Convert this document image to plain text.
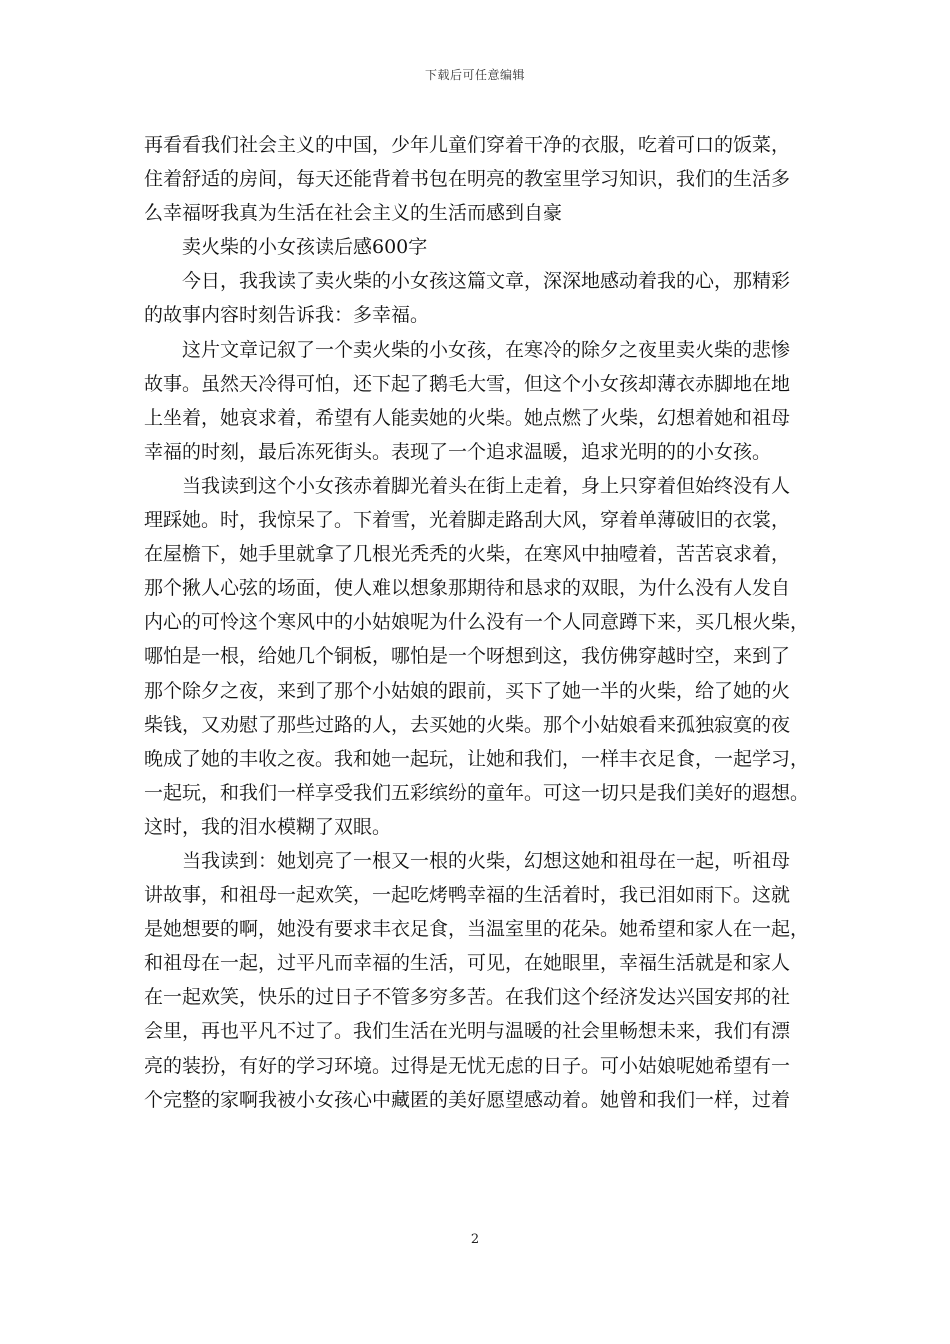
下载后可任意编辑
再看看我们社会主义的中国，少年儿童们穿着干净的衣服，吃着可口的饭菜，
住着舒适的房间，每天还能背着书包在明亮的教室里学习知识，我们的生活多
么幸福呀我真为生活在社会主义的生活而感到自豪
卖火柴的小女孩读后感600字
今日，我我读了卖火柴的小女孩这篇文章，深深地感动着我的心，那精彩
的故事内容时刻告诉我：多幸福。
这片文章记叙了一个卖火柴的小女孩，在寒冷的除夕之夜里卖火柴的悲惨
故事。虽然天冷得可怕，还下起了鹅毛大雪，但这个小女孩却薄衣赤脚地在地
上坐着，她哀求着，希望有人能卖她的火柴。她点燃了火柴，幻想着她和祖母
幸福的时刻，最后冻死街头。表现了一个追求温暖，追求光明的的小女孩。
当我读到这个小女孩赤着脚光着头在街上走着，身上只穿着但始终没有人
理踩她。时，我惊呆了。下着雪，光着脚走路刮大风，穿着单薄破旧的衣裳，
在屋檐下，她手里就拿了几根光秃秃的火柴，在寒风中抽噎着，苦苦哀求着，
那个揪人心弦的场面，使人难以想象那期待和恳求的双眼，为什么没有人发自
内心的可怜这个寒风中的小姑娘呢为什么没有一个人同意蹲下来，买几根火柴，
哪怕是一根，给她几个铜板，哪怕是一个呀想到这，我仿佛穿越时空，来到了
那个除夕之夜，来到了那个小姑娘的跟前，买下了她一半的火柴，给了她的火
柴钱，又劝慰了那些过路的人，去买她的火柴。那个小姑娘看来孤独寂寞的夜
晚成了她的丰收之夜。我和她一起玩，让她和我们，一样丰衣足食，一起学习，
一起玩，和我们一样享受我们五彩缤纷的童年。可这一切只是我们美好的遐想。
这时，我的泪水模糊了双眼。
当我读到：她划亮了一根又一根的火柴，幻想这她和祖母在一起，听祖母
讲故事，和祖母一起欢笑，一起吃烤鸭幸福的生活着时，我已泪如雨下。这就
是她想要的啊，她没有要求丰衣足食，当温室里的花朵。她希望和家人在一起，
和祖母在一起，过平凡而幸福的生活，可见，在她眼里，幸福生活就是和家人
在一起欢笑，快乐的过日子不管多穷多苦。在我们这个经济发达兴国安邦的社
会里，再也平凡不过了。我们生活在光明与温暖的社会里畅想未来，我们有漂
亮的装扮，有好的学习环境。过得是无忧无虑的日子。可小姑娘呢她希望有一
个完整的家啊我被小女孩心中藏匿的美好愿望感动着。她曾和我们一样，过着
2
